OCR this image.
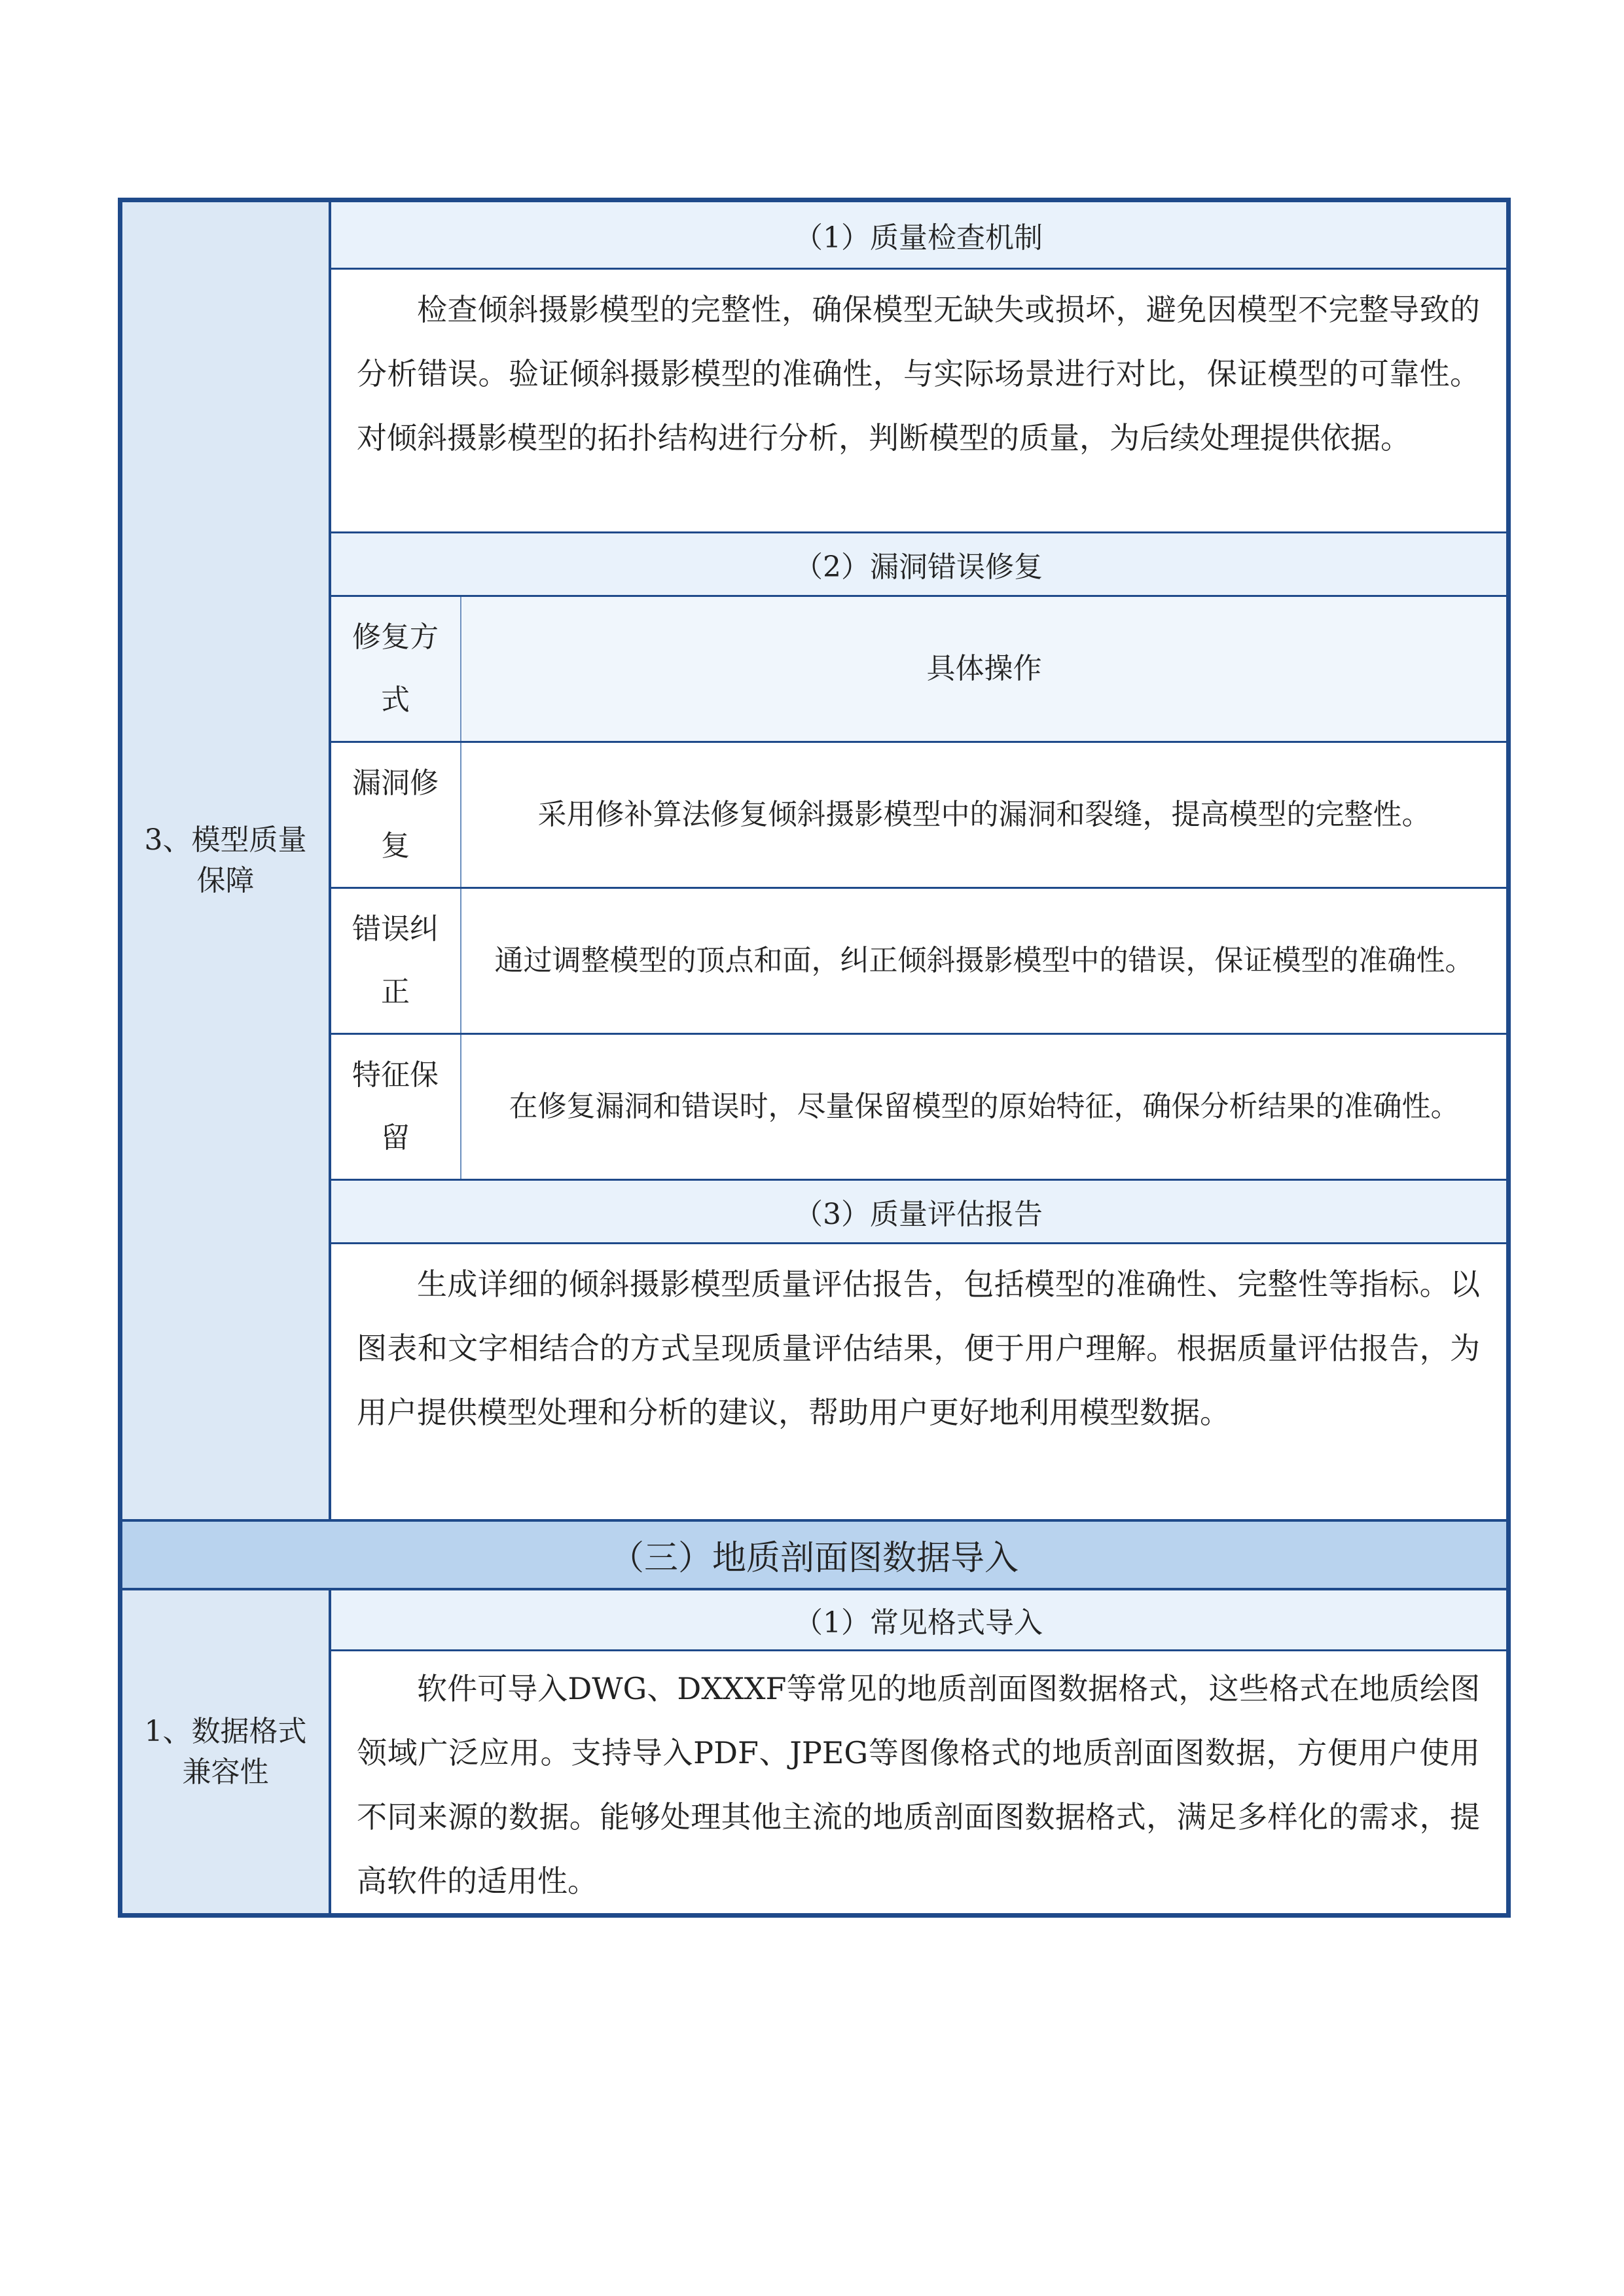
3、模型质量保障
（1）质量检查机制
检查倾斜摄影模型的完整性，确保模型无缺失或损坏，避免因模型不完整导致的分析错误。验证倾斜摄影模型的准确性，与实际场景进行对比，保证模型的可靠性。对倾斜摄影模型的拓扑结构进行分析，判断模型的质量，为后续处理提供依据。
（2）漏洞错误修复
修复方式
具体操作
漏洞修复
采用修补算法修复倾斜摄影模型中的漏洞和裂缝，提高模型的完整性。
错误纠正
通过调整模型的顶点和面，纠正倾斜摄影模型中的错误，保证模型的准确性。
特征保留
在修复漏洞和错误时，尽量保留模型的原始特征，确保分析结果的准确性。
（3）质量评估报告
生成详细的倾斜摄影模型质量评估报告，包括模型的准确性、完整性等指标。以图表和文字相结合的方式呈现质量评估结果，便于用户理解。根据质量评估报告，为用户提供模型处理和分析的建议，帮助用户更好地利用模型数据。
（三）地质剖面图数据导入
1、数据格式兼容性
（1）常见格式导入
软件可导入DWG、DXXXF等常见的地质剖面图数据格式，这些格式在地质绘图领域广泛应用。支持导入PDF、JPEG等图像格式的地质剖面图数据，方便用户使用不同来源的数据。能够处理其他主流的地质剖面图数据格式，满足多样化的需求，提高软件的适用性。
